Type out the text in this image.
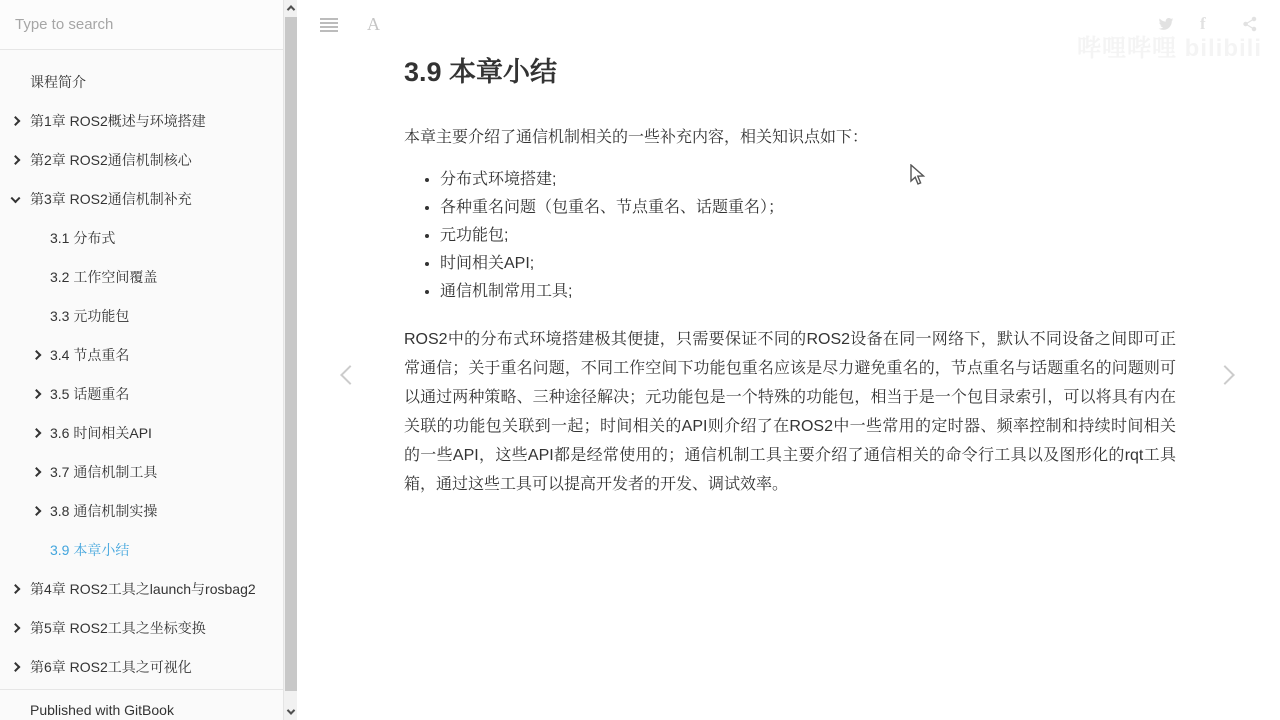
Type to search
课程简介
第1章 ROS2概述与环境搭建
第2章 ROS2通信机制核心
第3章 ROS2通信机制补充
3.1 分布式
3.2 工作空间覆盖
3.3 元功能包
3.4 节点重名
3.5 话题重名
3.6 时间相关API
3.7 通信机制工具
3.8 通信机制实操
3.9 本章小结
第4章 ROS2工具之launch与rosbag2
第5章 ROS2工具之坐标变换
第6章 ROS2工具之可视化
Published with GitBook
A	f
哔哩哔哩 bilibili
3.9 本章小结

本章主要介绍了通信机制相关的一些补充内容，相关知识点如下：

• 分布式环境搭建;
• 各种重名问题（包重名、节点重名、话题重名）；
• 元功能包;
• 时间相关API;
• 通信机制常用工具;

ROS2中的分布式环境搭建极其便捷，只需要保证不同的ROS2设备在同一网络下，默认不同设备之间即可正常通信；关于重名问题，不同工作空间下功能包重名应该是尽力避免重名的，节点重名与话题重名的问题则可以通过两种策略、三种途径解决；元功能包是一个特殊的功能包，相当于是一个包目录索引，可以将具有内在关联的功能包关联到一起；时间相关的API则介绍了在ROS2中一些常用的定时器、频率控制和持续时间相关的一些API，这些API都是经常使用的；通信机制工具主要介绍了通信相关的命令行工具以及图形化的rqt工具箱，通过这些工具可以提高开发者的开发、调试效率。
